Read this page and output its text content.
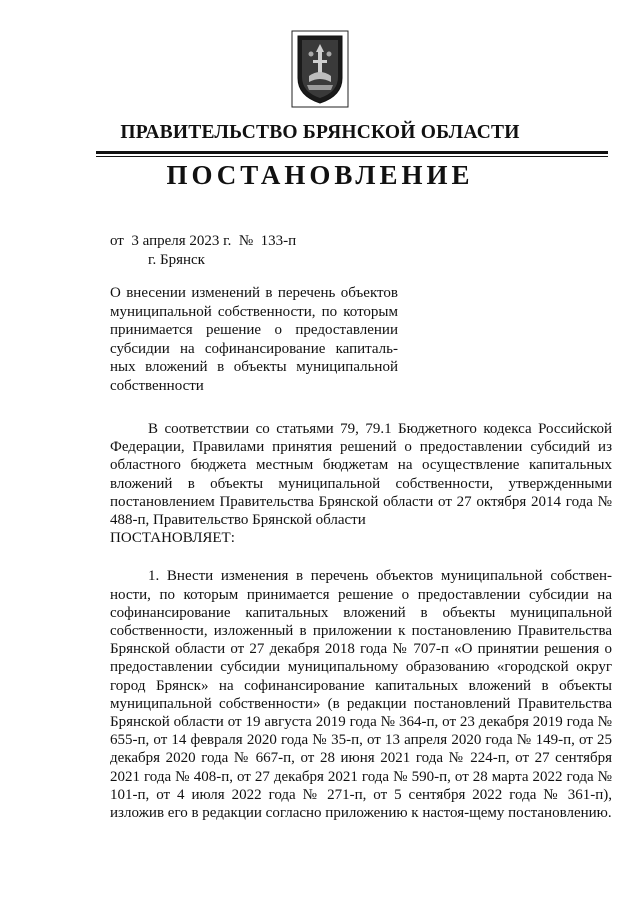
ПРАВИТЕЛЬСТВО БРЯНСКОЙ ОБЛАСТИ
ПОСТАНОВЛЕНИЕ
от  3 апреля 2023 г.  №  133-п
г. Брянск
О внесении изменений в перечень объектов муниципальной собственности, по которым принимается решение о предоставлении субсидии на софинансирование капиталь-ных вложений в объекты муниципальной собственности

В соответствии со статьями 79, 79.1 Бюджетного кодекса Российской Федерации, Правилами принятия решений о предоставлении субсидий из областного бюджета местным бюджетам на осуществление капитальных вложений в объекты муниципальной собственности, утвержденными постановлением Правительства Брянской области от 27 октября 2014 года № 488-п, Правительство Брянской области

ПОСТАНОВЛЯЕТ:

1. Внести изменения в перечень объектов муниципальной собствен-ности, по которым принимается решение о предоставлении субсидии на софинансирование капитальных вложений в объекты муниципальной собственности, изложенный в приложении к постановлению Правительства Брянской области от 27 декабря 2018 года № 707-п «О принятии решения о предоставлении субсидии муниципальному образованию «городской округ город Брянск» на софинансирование капитальных вложений в объекты муниципальной собственности» (в редакции постановлений Правительства Брянской области от 19 августа 2019 года № 364-п, от 23 декабря 2019 года № 655-п, от 14 февраля 2020 года № 35-п, от 13 апреля 2020 года № 149-п, от 25 декабря 2020 года № 667-п, от 28 июня 2021 года № 224-п, от 27 сентября 2021 года № 408-п, от 27 декабря 2021 года № 590-п, от 28 марта 2022 года № 101-п, от 4 июля 2022 года № 271-п, от 5 сентября 2022 года № 361-п), изложив его в редакции согласно приложению к настоя-щему постановлению.
